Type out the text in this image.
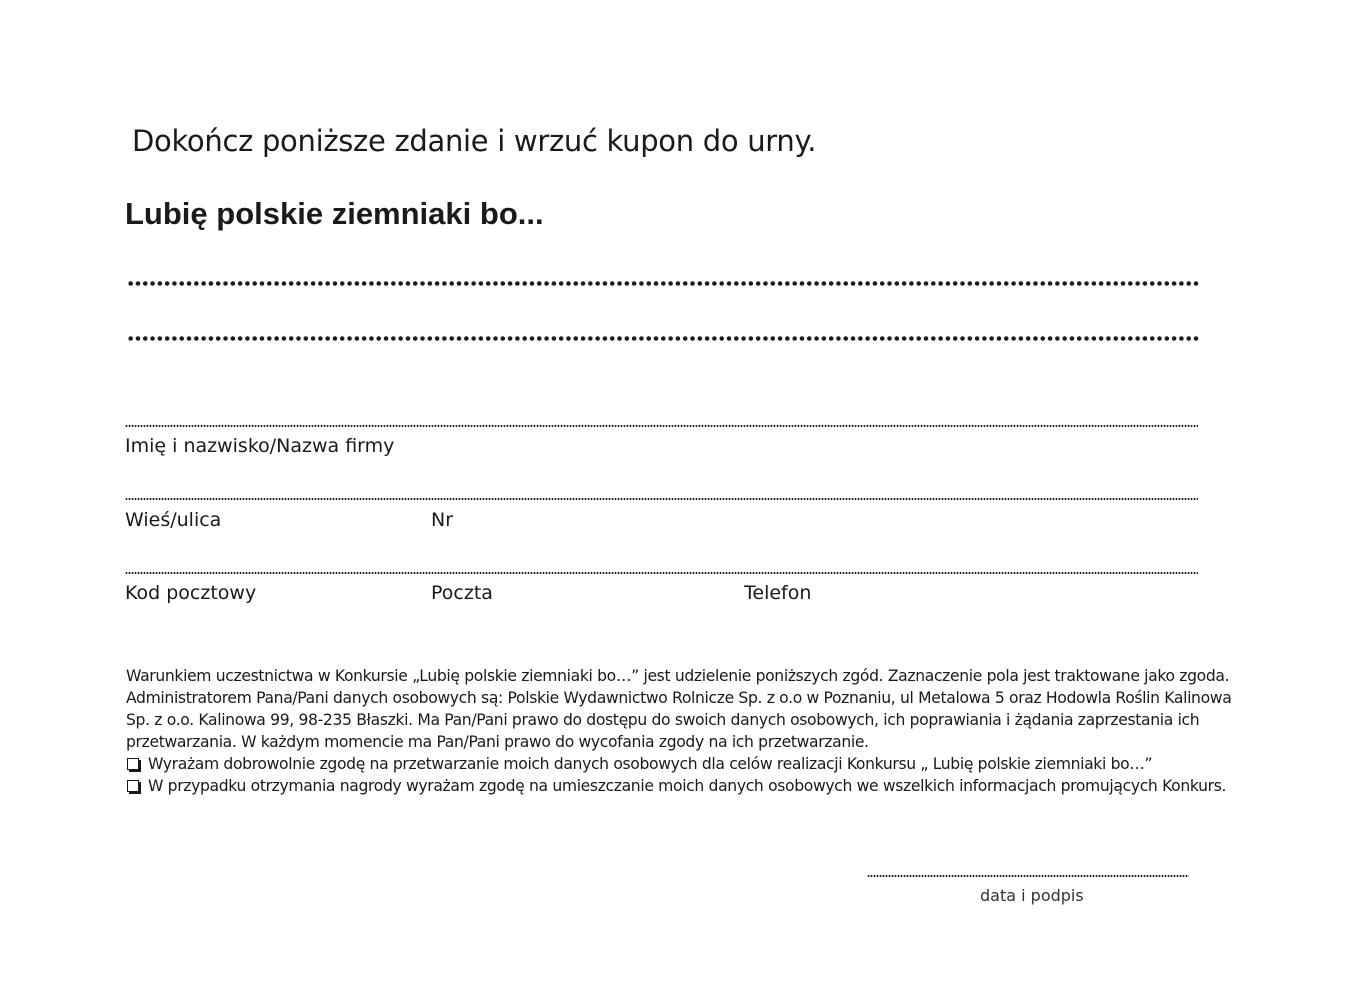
Dokończ poniższe zdanie i wrzuć kupon do urny.
Lubię polskie ziemniaki bo...
Imię i nazwisko/Nazwa firmy
Wieś/ulica	Nr
Kod pocztowy	Poczta	Telefon

Warunkiem uczestnictwa w Konkursie „Lubię polskie ziemniaki bo…” jest udzielenie poniższych zgód. Zaznaczenie pola jest traktowane jako zgoda. Administratorem Pana/Pani danych osobowych są: Polskie Wydawnictwo Rolnicze Sp. z o.o w Poznaniu, ul Metalowa 5 oraz Hodowla Roślin Kalinowa Sp. z o.o. Kalinowa 99, 98-235 Błaszki. Ma Pan/Pani prawo do dostępu do swoich danych osobowych, ich poprawiania i żądania zaprzestania ich przetwarzania. W każdym momencie ma Pan/Pani prawo do wycofania zgody na ich przetwarzanie.

Wyrażam dobrowolnie zgodę na przetwarzanie moich danych osobowych dla celów realizacji Konkursu „ Lubię polskie ziemniaki bo…”
W przypadku otrzymania nagrody wyrażam zgodę na umieszczanie moich danych osobowych we wszelkich informacjach promujących Konkurs.
data i podpis
